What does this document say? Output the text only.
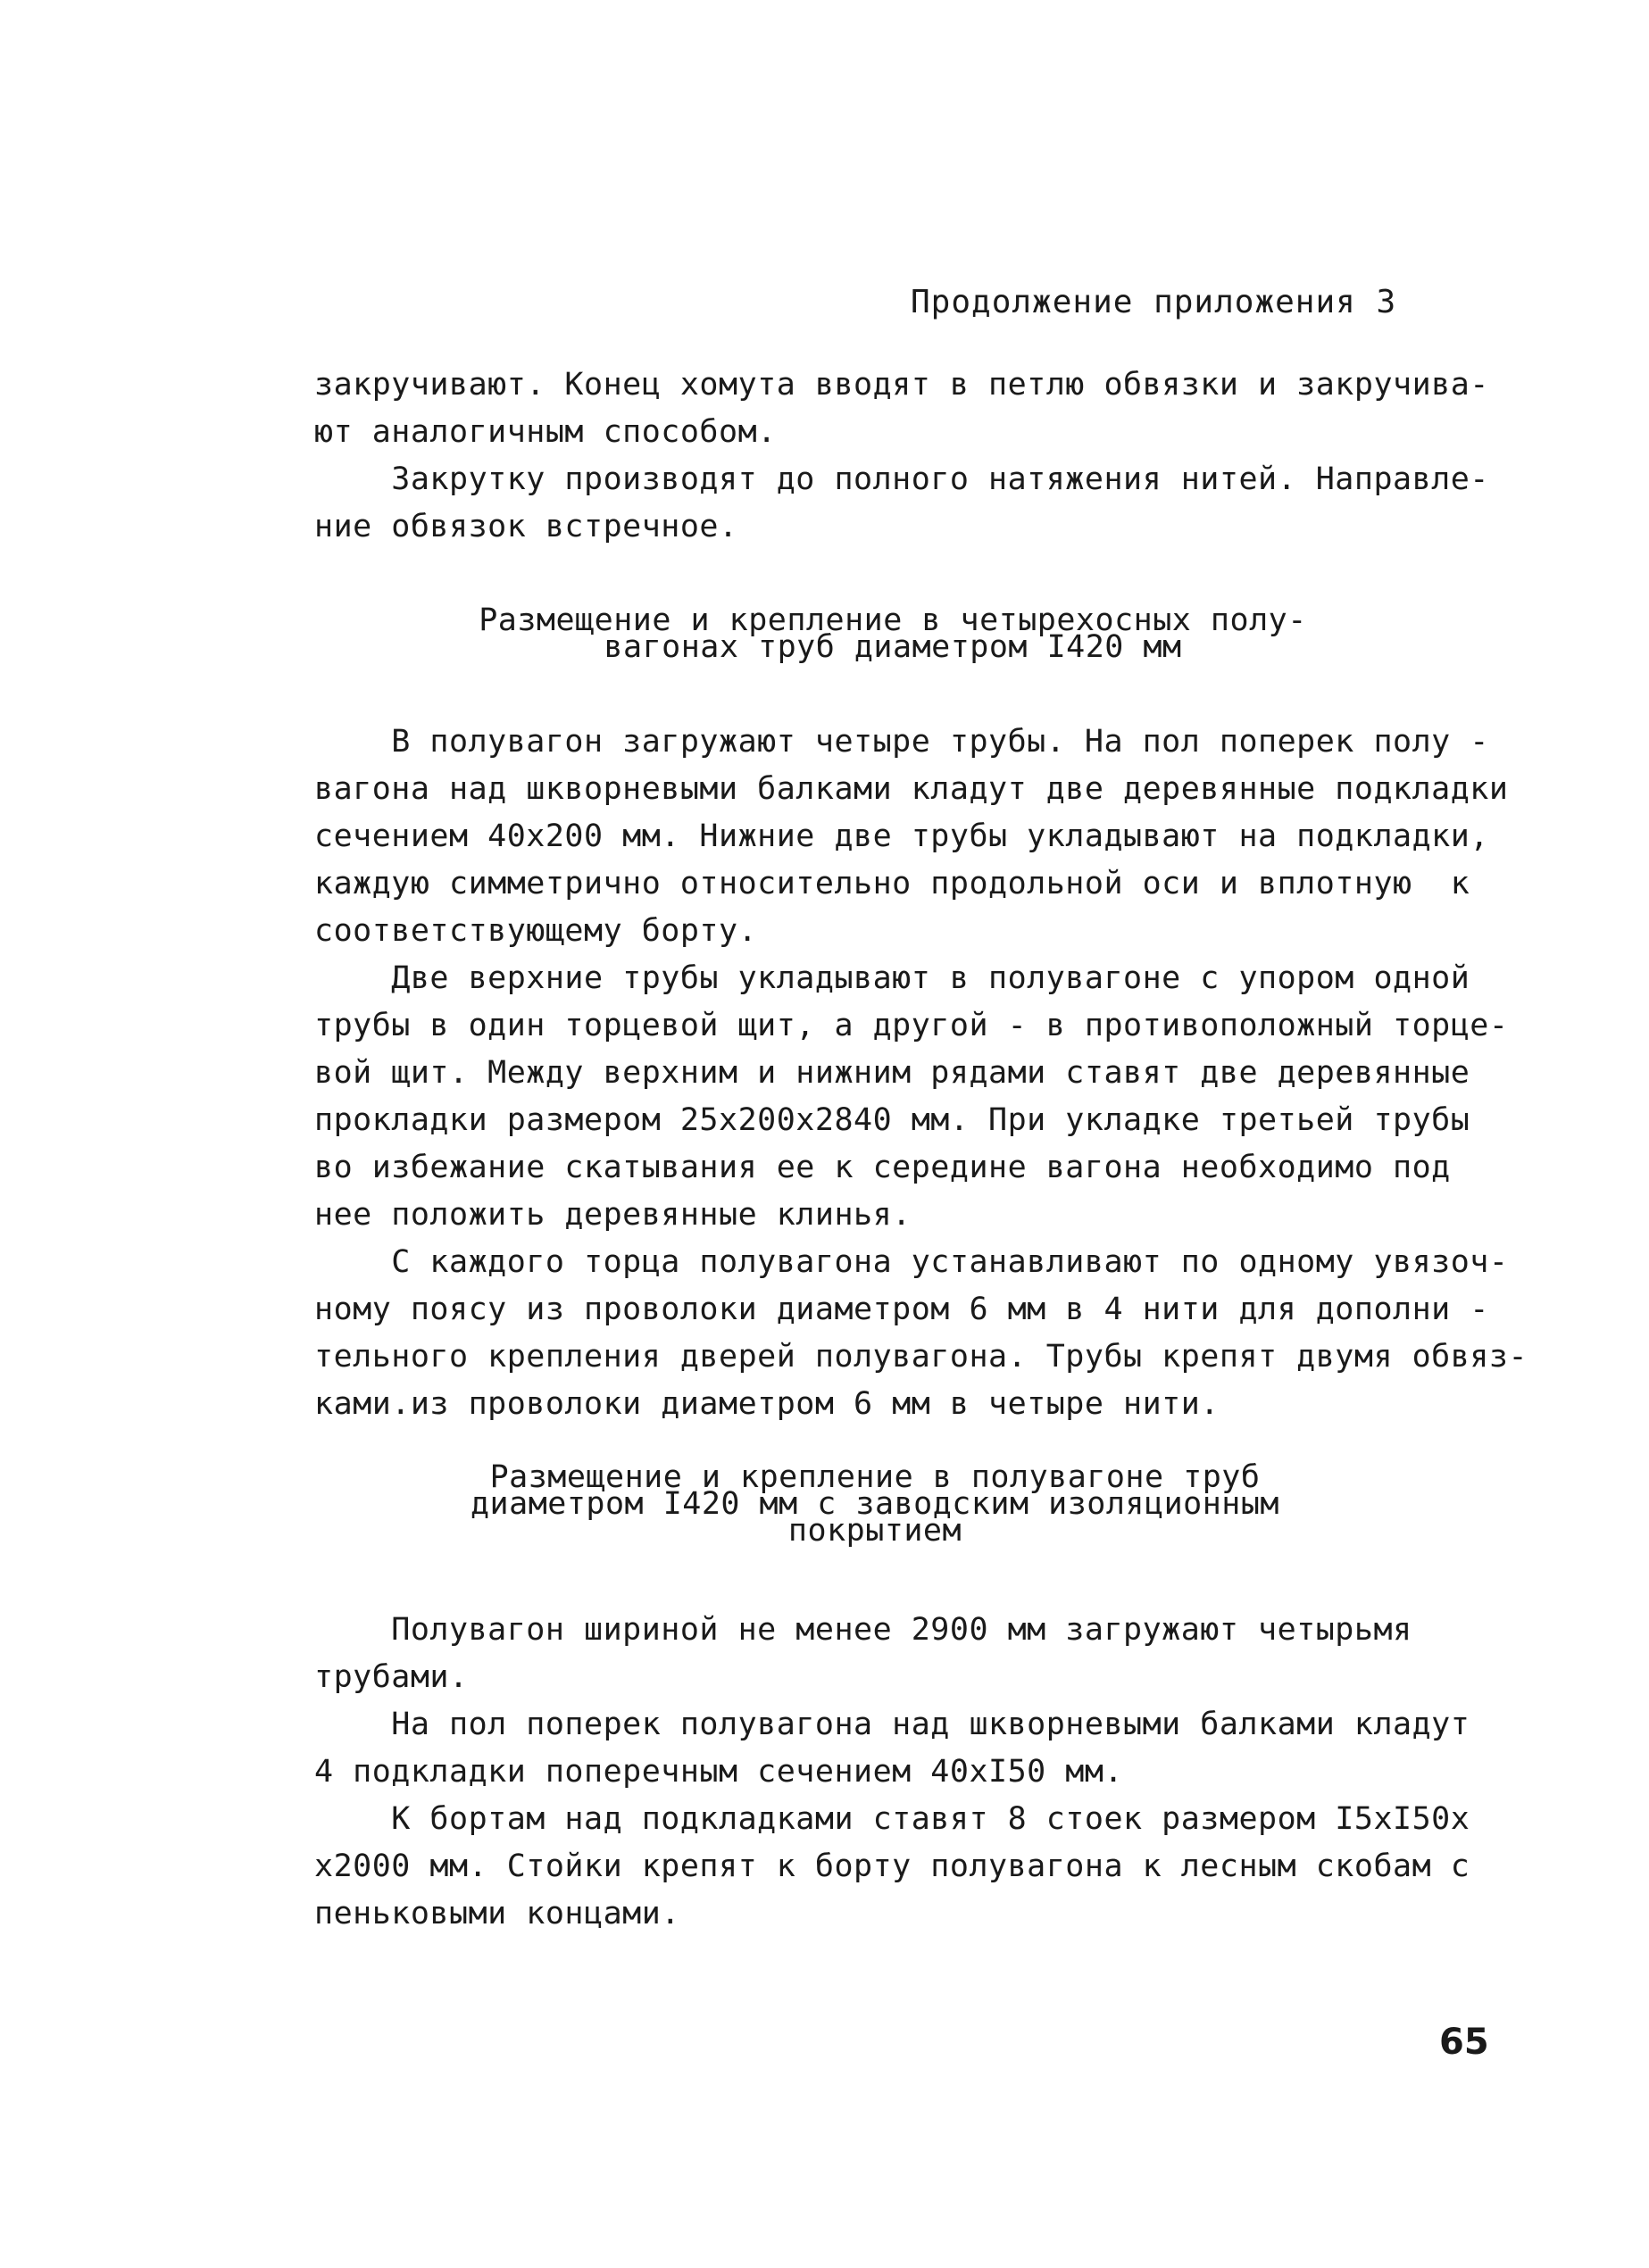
Продолжение приложения 3
закручивают. Конец хомута вводят в петлю обвязки и закручива-
ют аналогичным способом.
Закрутку производят до полного натяжения нитей. Направле-
ние обвязок встречное.
Размещение и крепление в четырехосных полу-
вагонах труб диаметром I420 мм
В полувагон загружают четыре трубы. На пол поперек полу -
вагона над шкворневыми балками кладут две деревянные подкладки
сечением 40x200 мм. Нижние две трубы укладывают на подкладки,
каждую симметрично относительно продольной оси и вплотную  к
соответствующему борту.
Две верхние трубы укладывают в полувагоне с упором одной
трубы в один торцевой щит, а другой - в противоположный торце-
вой щит. Между верхним и нижним рядами ставят две деревянные
прокладки размером 25x200x2840 мм. При укладке третьей трубы
во избежание скатывания ее к середине вагона необходимо под
нее положить деревянные клинья.
С каждого торца полувагона устанавливают по одному увязоч-
ному поясу из проволоки диаметром 6 мм в 4 нити для дополни -
тельного крепления дверей полувагона. Трубы крепят двумя обвяз-
ками.из проволоки диаметром 6 мм в четыре нити.
Размещение и крепление в полувагоне труб
диаметром I420 мм с заводским изоляционным
покрытием
Полувагон шириной не менее 2900 мм загружают четырьмя
трубами.
На пол поперек полувагона над шкворневыми балками кладут
4 подкладки поперечным сечением 40xI50 мм.
К бортам над подкладками ставят 8 стоек размером I5xI50x
x2000 мм. Стойки крепят к борту полувагона к лесным скобам с
пеньковыми концами.
65
